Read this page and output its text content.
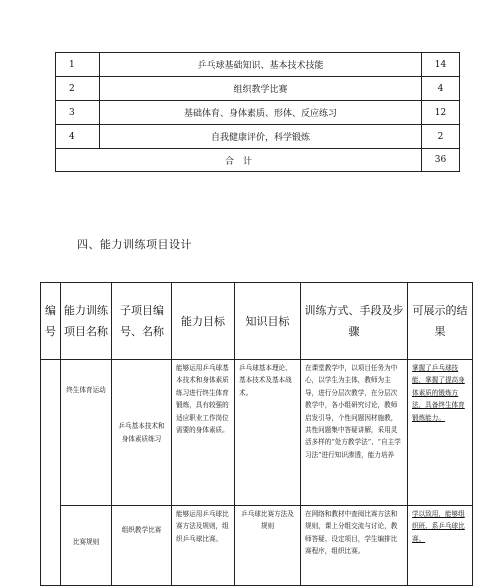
1	乒乓球基础知识、基本技术技能	14
2	组织教学比赛	4
3	基础体育、身体素质、形体、反应练习	12
4	自我健康评价，科学锻炼	2
合　计		36
四、能力训练项目设计
编号	能力训练项目名称	子项目编号、名称	能力目标	知识目标	训练方式、手段及步骤	可展示的结果
	终生体育运动	乒乓基本技术和身体素质练习	能够运用乒乓球基本技术和身体素质练习进行终生体育锻炼，具有较强的适应职业工作岗位需要的身体素质。	乒乓球基本理论、基本技术及基本战术。	在课堂教学中，以项目任务为中心，以学生为主体，教师为主导，进行分层次教学，在分层次教学中，各小组研究讨论，教师启发引导，个性问题因材施教，共性问题集中答疑讲解，采用灵活多样的“处方教学法”、“自主学习法”进行知识渗透，能力培养	掌握了乒乓球技能，掌握了提高身体素质的锻炼方法，具备终生体育锻炼能力。
	比赛规则	组织教学比赛	能够运用乒乓球比赛方法及规则，组织乒乓球比赛。	乒乓球比赛方法及规则	在网络和教材中查阅比赛方法和规则，课上分组交流与讨论，教师答疑、设定项目，学生编排比赛程序，组织比赛。	学以致用，能够组织班、系乒乓球比赛。
